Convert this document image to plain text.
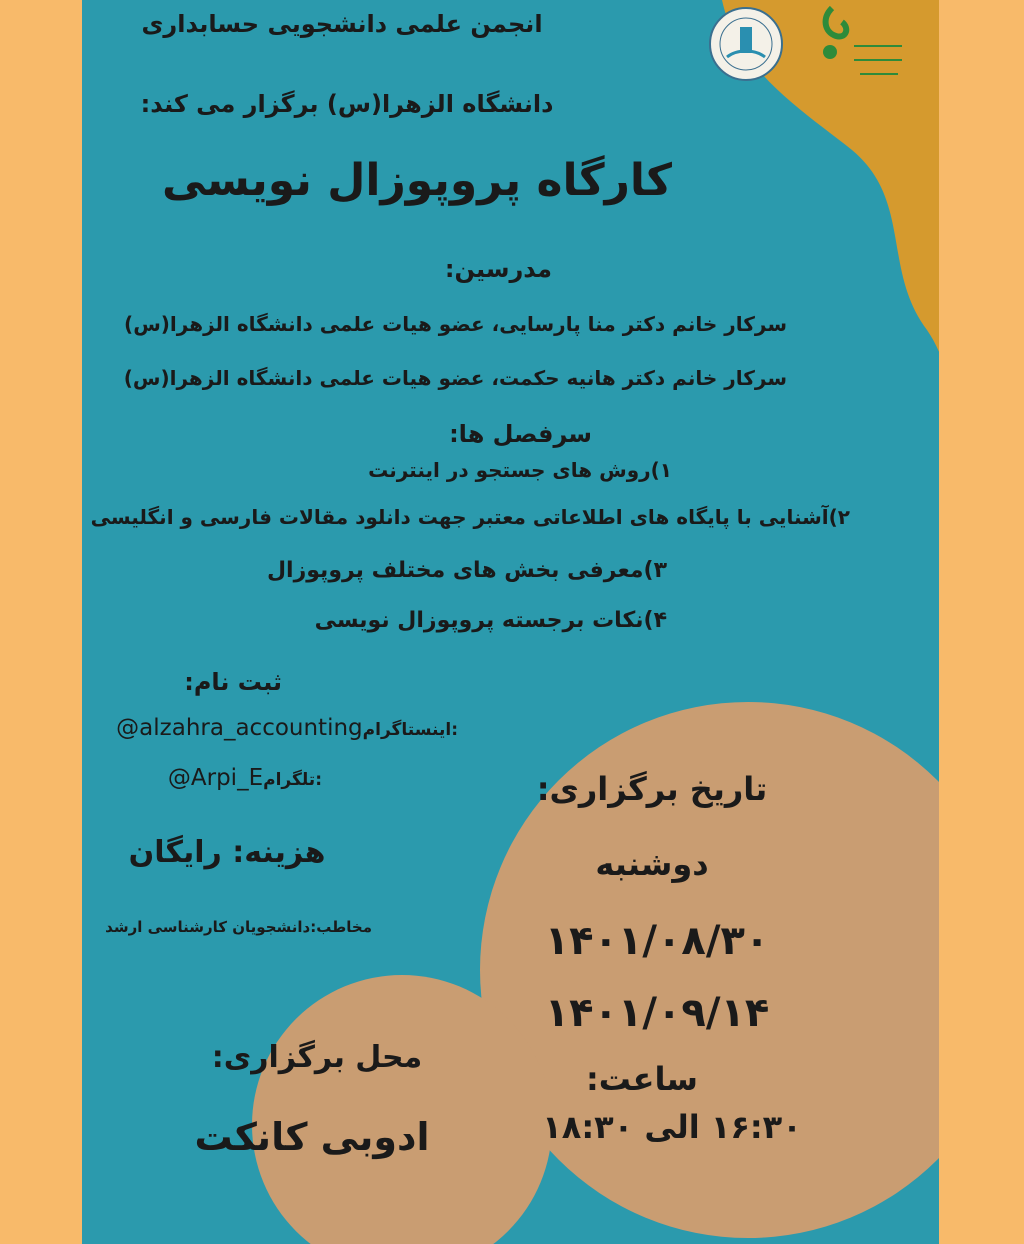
انجمن علمی دانشجویی حسابداری
دانشگاه الزهرا(س) برگزار می کند:
کارگاه پروپوزال نویسی
مدرسین:
سرکار خانم دکتر منا پارسایی، عضو هیات علمی دانشگاه الزهرا(س)
سرکار خانم دکتر هانیه حکمت، عضو هیات علمی دانشگاه الزهرا(س)
سرفصل ها:
۱)روش های جستجو در اینترنت
۲)آشنایی با پایگاه های اطلاعاتی معتبر جهت دانلود مقالات فارسی و انگلیسی
۳)معرفی بخش های مختلف پروپوزال
۴)نکات برجسته پروپوزال نویسی
ثبت نام:
@alzahra_accountingاینستاگرام:
@Arpi_Eتلگرام:
هزینه: رایگان
مخاطب:دانشجویان کارشناسی ارشد
تاریخ برگزاری:
دوشنبه
۱۴۰۱/۰۸/۳۰
۱۴۰۱/۰۹/۱۴
ساعت:
۱۶:۳۰ الی ۱۸:۳۰
محل برگزاری:
ادوبی کانکت
